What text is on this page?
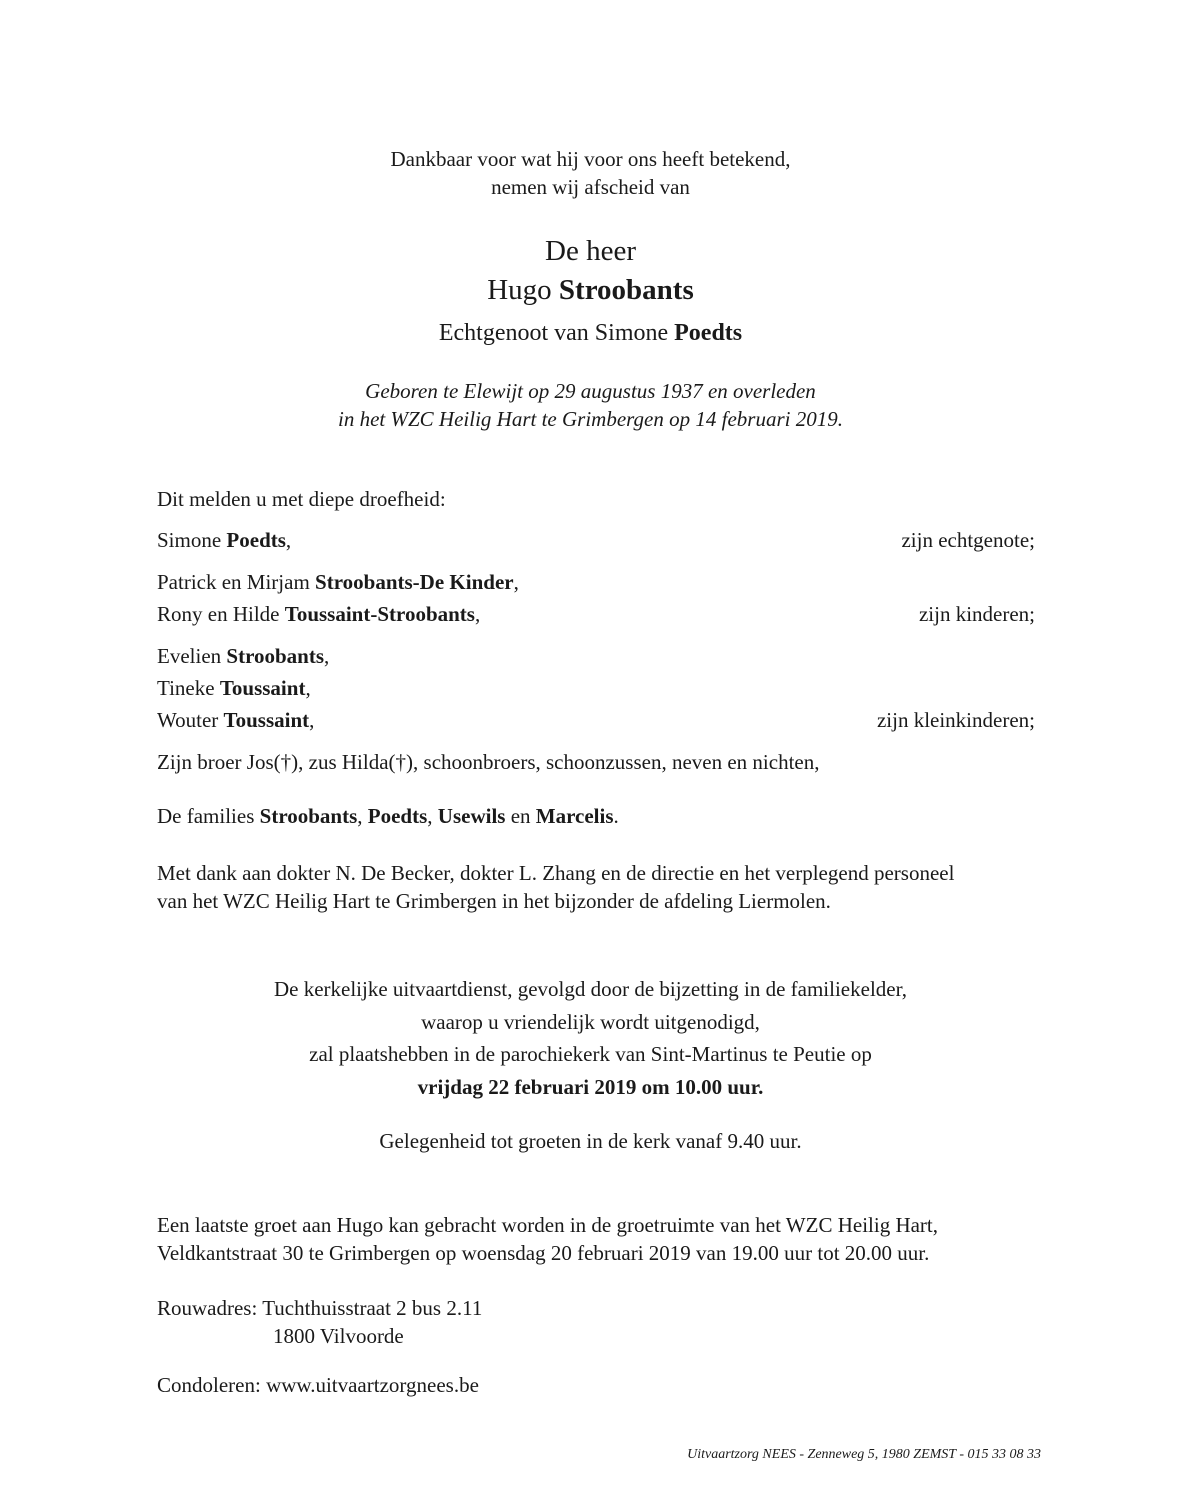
Dankbaar voor wat hij voor ons heeft betekend,
nemen wij afscheid van
De heer
Hugo Stroobants
Echtgenoot van Simone Poedts
Geboren te Elewijt op 29 augustus 1937 en overleden
in het WZC Heilig Hart te Grimbergen op 14 februari 2019.
Dit melden u met diepe droefheid:
Simone Poedts,	zijn echtgenote;
Patrick en Mirjam Stroobants-De Kinder,
Rony en Hilde Toussaint-Stroobants,	zijn kinderen;
Evelien Stroobants,
Tineke Toussaint,
Wouter Toussaint,	zijn kleinkinderen;
Zijn broer Jos(†), zus Hilda(†), schoonbroers, schoonzussen, neven en nichten,
De families Stroobants, Poedts, Usewils en Marcelis.
Met dank aan dokter N. De Becker, dokter L. Zhang en de directie en het verplegend personeel
van het WZC Heilig Hart te Grimbergen in het bijzonder de afdeling Liermolen.
De kerkelijke uitvaartdienst, gevolgd door de bijzetting in de familiekelder,
waarop u vriendelijk wordt uitgenodigd,
zal plaatshebben in de parochiekerk van Sint-Martinus te Peutie op
vrijdag 22 februari 2019 om 10.00 uur.
Gelegenheid tot groeten in de kerk vanaf 9.40 uur.
Een laatste groet aan Hugo kan gebracht worden in de groetruimte van het WZC Heilig Hart,
Veldkantstraat 30 te Grimbergen op woensdag 20 februari 2019 van 19.00 uur tot 20.00 uur.
Rouwadres: Tuchthuisstraat 2 bus 2.11
1800 Vilvoorde
Condoleren: www.uitvaartzorgnees.be
Uitvaartzorg NEES - Zenneweg 5, 1980 ZEMST - 015 33 08 33
